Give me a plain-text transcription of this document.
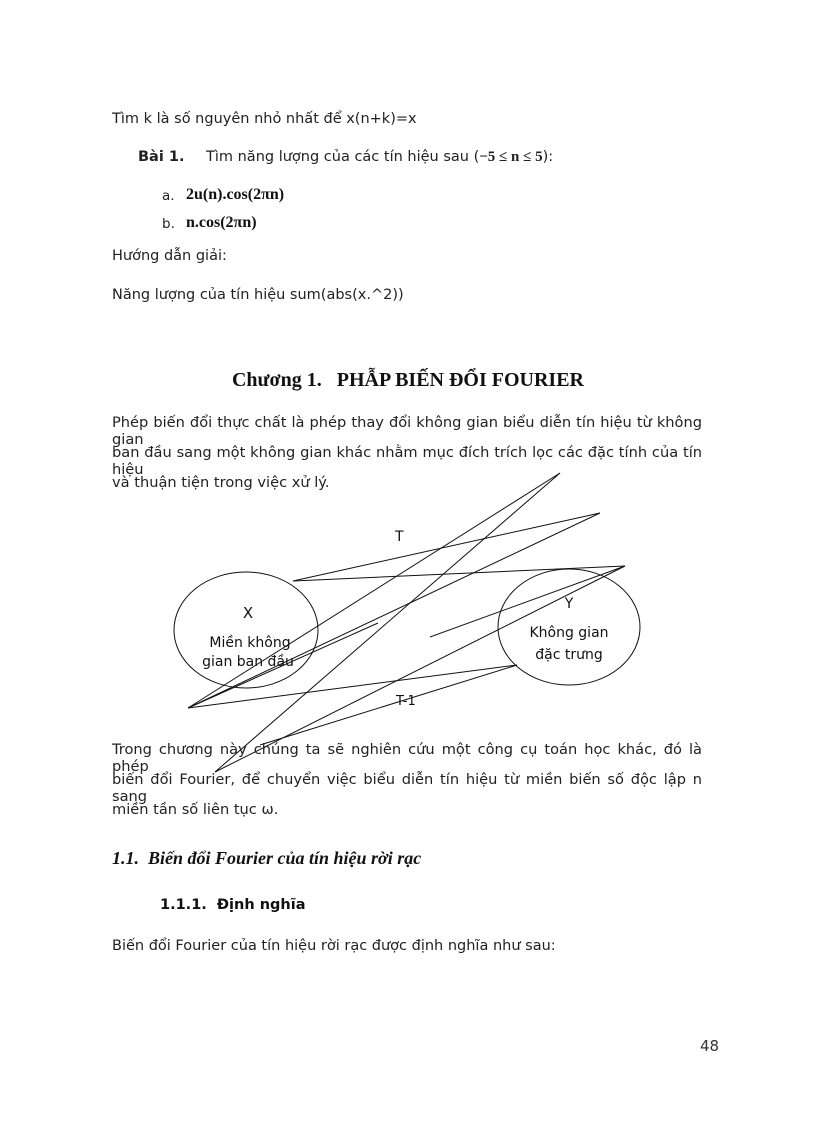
Tìm k là số nguyên nhỏ nhất để x(n+k)=x
Bài 1. Tìm năng lượng của các tín hiệu sau (−5 ≤ n ≤ 5):
a. 2u(n).cos(2πn)
b. n.cos(2πn)
Hướng dẫn giải:
Năng lượng của tín hiệu sum(abs(x.^2))
Chương 1.   PHẪP BIẾN ĐỔI FOURIER
Phép biến đổi thực chất là phép thay đổi không gian biểu diễn tín hiệu từ không gian
ban đầu sang một không gian khác nhằm mục đích trích lọc các đặc tính của tín hiệu
và thuận tiện trong việc xử lý.
T
T-1
X
Miền không
gian ban đầu
Y
Không gian
đặc trưng
Trong chương này chúng ta sẽ nghiên cứu một công cụ toán học khác, đó là phép
biến đổi Fourier, để chuyển việc biểu diễn tín hiệu từ miền biến số độc lập n sang
miền tần số liên tục ω.
1.1.  Biến đổi Fourier của tín hiệu rời rạc
1.1.1.  Định nghĩa
Biến đổi Fourier của tín hiệu rời rạc được định nghĩa như sau:
48
